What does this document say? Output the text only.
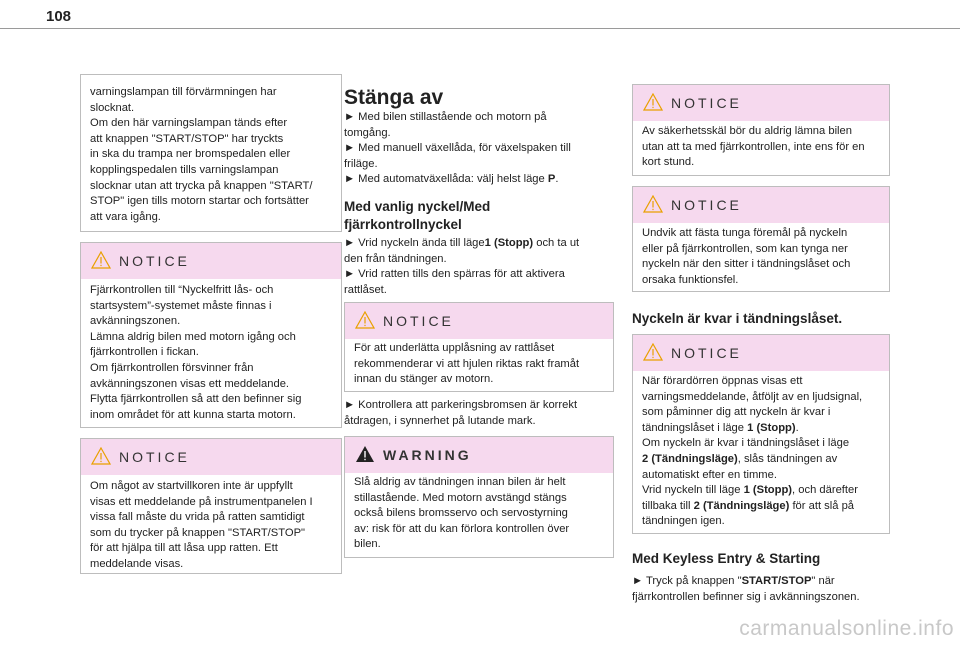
108
varningslampan till förvärmningen har
slocknat.
Om den här varningslampan tänds efter
att knappen "START/STOP" har tryckts
in ska du trampa ner bromspedalen eller
kopplingspedalen tills varningslampan
slocknar utan att trycka på knappen "START/
STOP" igen tills motorn startar och fortsätter
att vara igång.
NOTICE
Fjärrkontrollen till “Nyckelfritt lås- och
startsystem”-systemet måste finnas i
avkänningszonen.
Lämna aldrig bilen med motorn igång och
fjärrkontrollen i fickan.
Om fjärrkontrollen försvinner från
avkänningszonen visas ett meddelande.
Flytta fjärrkontrollen så att den befinner sig
inom området för att kunna starta motorn.
NOTICE
Om något av startvillkoren inte är uppfyllt
visas ett meddelande på instrumentpanelen I
vissa fall måste du vrida på ratten samtidigt
som du trycker på knappen "START/STOP"
för att hjälpa till att låsa upp ratten. Ett
meddelande visas.
Stänga av
► Med bilen stillastående och motorn på
tomgång.
► Med manuell växellåda, för växelspaken till
friläge.
► Med automatväxellåda: välj helst läge P.
Med vanlig nyckel/Med
fjärrkontrollnyckel
► Vrid nyckeln ända till läge1 (Stopp) och ta ut
den från tändningen.
► Vrid ratten tills den spärras för att aktivera
rattlåset.
NOTICE
För att underlätta upplåsning av rattlåset
rekommenderar vi att hjulen riktas rakt framåt
innan du stänger av motorn.
► Kontrollera att parkeringsbromsen är korrekt
åtdragen, i synnerhet på lutande mark.
WARNING
Slå aldrig av tändningen innan bilen är helt
stillastående. Med motorn avstängd stängs
också bilens bromsservo och servostyrning
av: risk för att du kan förlora kontrollen över
bilen.
NOTICE
Av säkerhetsskäl bör du aldrig lämna bilen
utan att ta med fjärrkontrollen, inte ens för en
kort stund.
NOTICE
Undvik att fästa tunga föremål på nyckeln
eller på fjärrkontrollen, som kan tynga ner
nyckeln när den sitter i tändningslåset och
orsaka funktionsfel.
Nyckeln är kvar i tändningslåset.
NOTICE
När förardörren öppnas visas ett
varningsmeddelande, åtföljt av en ljudsignal,
som påminner dig att nyckeln är kvar i
tändningslåset i läge 1 (Stopp).
Om nyckeln är kvar i tändningslåset i läge
2 (Tändningsläge), slås tändningen av
automatiskt efter en timme.
Vrid nyckeln till läge 1 (Stopp), och därefter
tillbaka till 2 (Tändningsläge) för att slå på
tändningen igen.
Med Keyless Entry & Starting
► Tryck på knappen "START/STOP" när
fjärrkontrollen befinner sig i avkänningszonen.
carmanualsonline.info
